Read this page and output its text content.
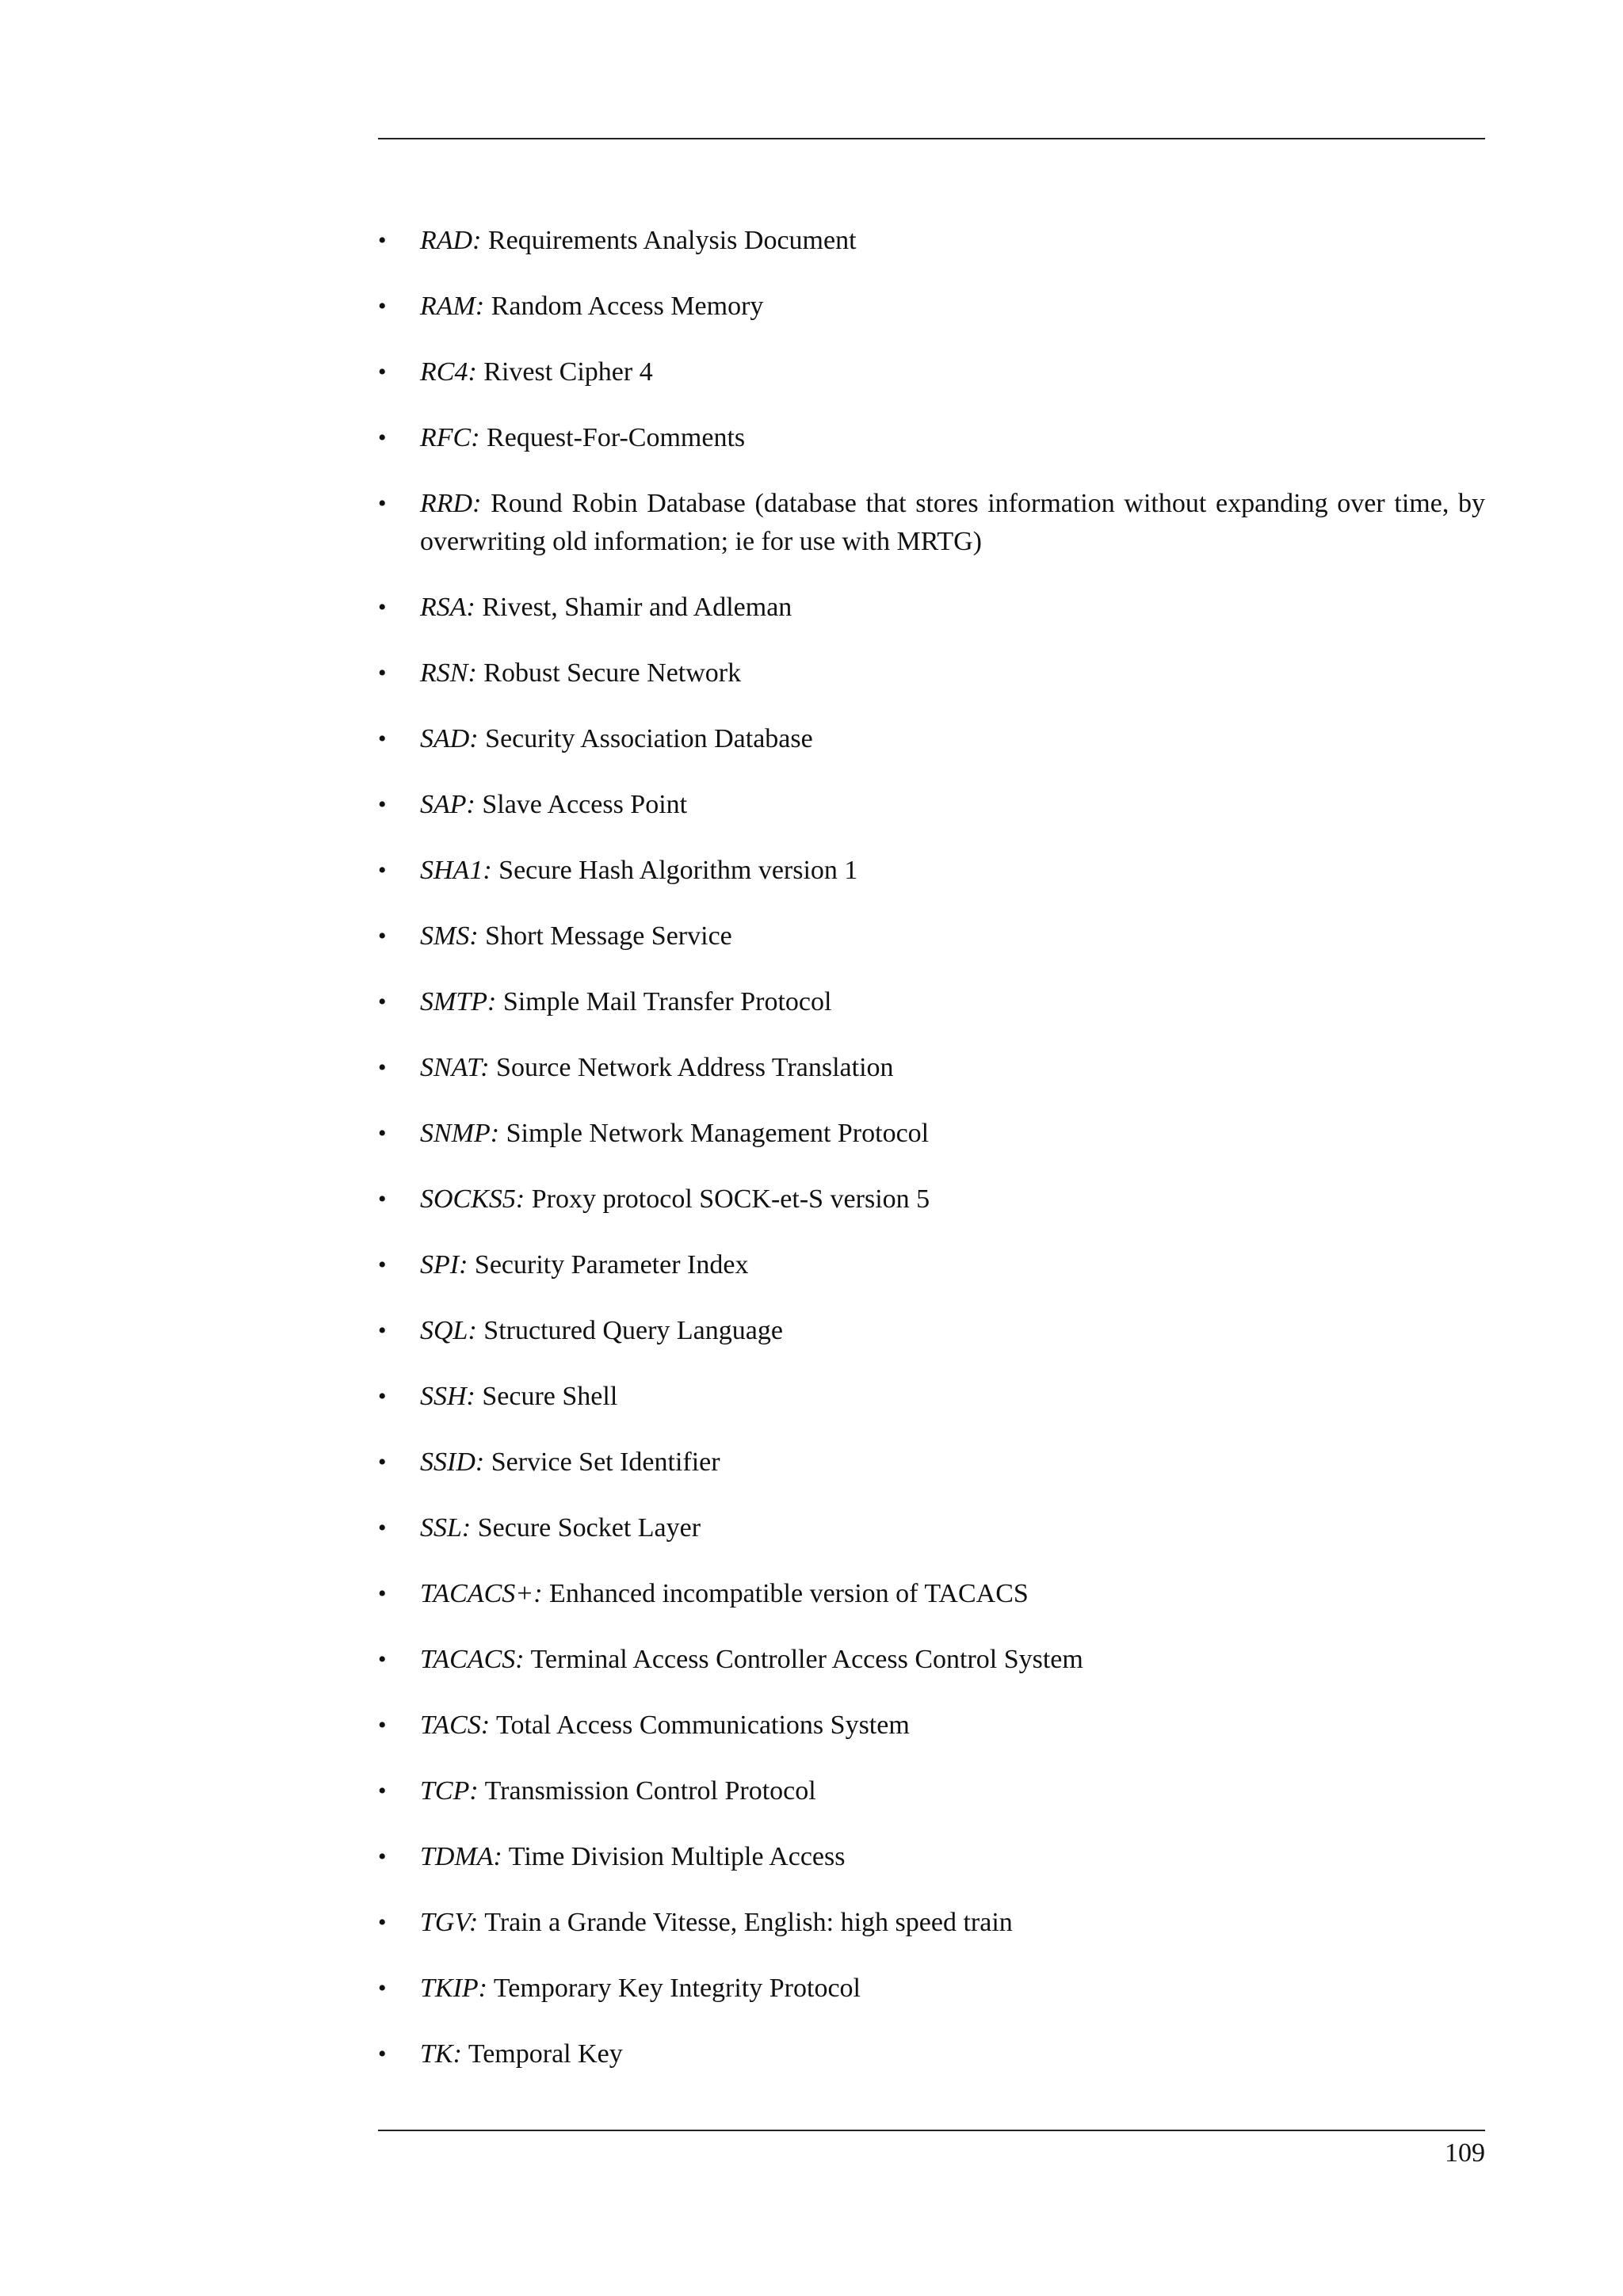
•	RAD: Requirements Analysis Document
•	RAM: Random Access Memory
•	RC4: Rivest Cipher 4
•	RFC: Request-For-Comments
•	RRD: Round Robin Database (database that stores information without expanding over time, by overwriting old information; ie for use with MRTG)
•	RSA: Rivest, Shamir and Adleman
•	RSN: Robust Secure Network
•	SAD: Security Association Database
•	SAP: Slave Access Point
•	SHA1: Secure Hash Algorithm version 1
•	SMS: Short Message Service
•	SMTP: Simple Mail Transfer Protocol
•	SNAT: Source Network Address Translation
•	SNMP: Simple Network Management Protocol
•	SOCKS5: Proxy protocol SOCK-et-S version 5
•	SPI: Security Parameter Index
•	SQL: Structured Query Language
•	SSH: Secure Shell
•	SSID: Service Set Identifier
•	SSL: Secure Socket Layer
•	TACACS+: Enhanced incompatible version of TACACS
•	TACACS: Terminal Access Controller Access Control System
•	TACS: Total Access Communications System
•	TCP: Transmission Control Protocol
•	TDMA: Time Division Multiple Access
•	TGV: Train a Grande Vitesse, English: high speed train
•	TKIP: Temporary Key Integrity Protocol
•	TK: Temporal Key
109
